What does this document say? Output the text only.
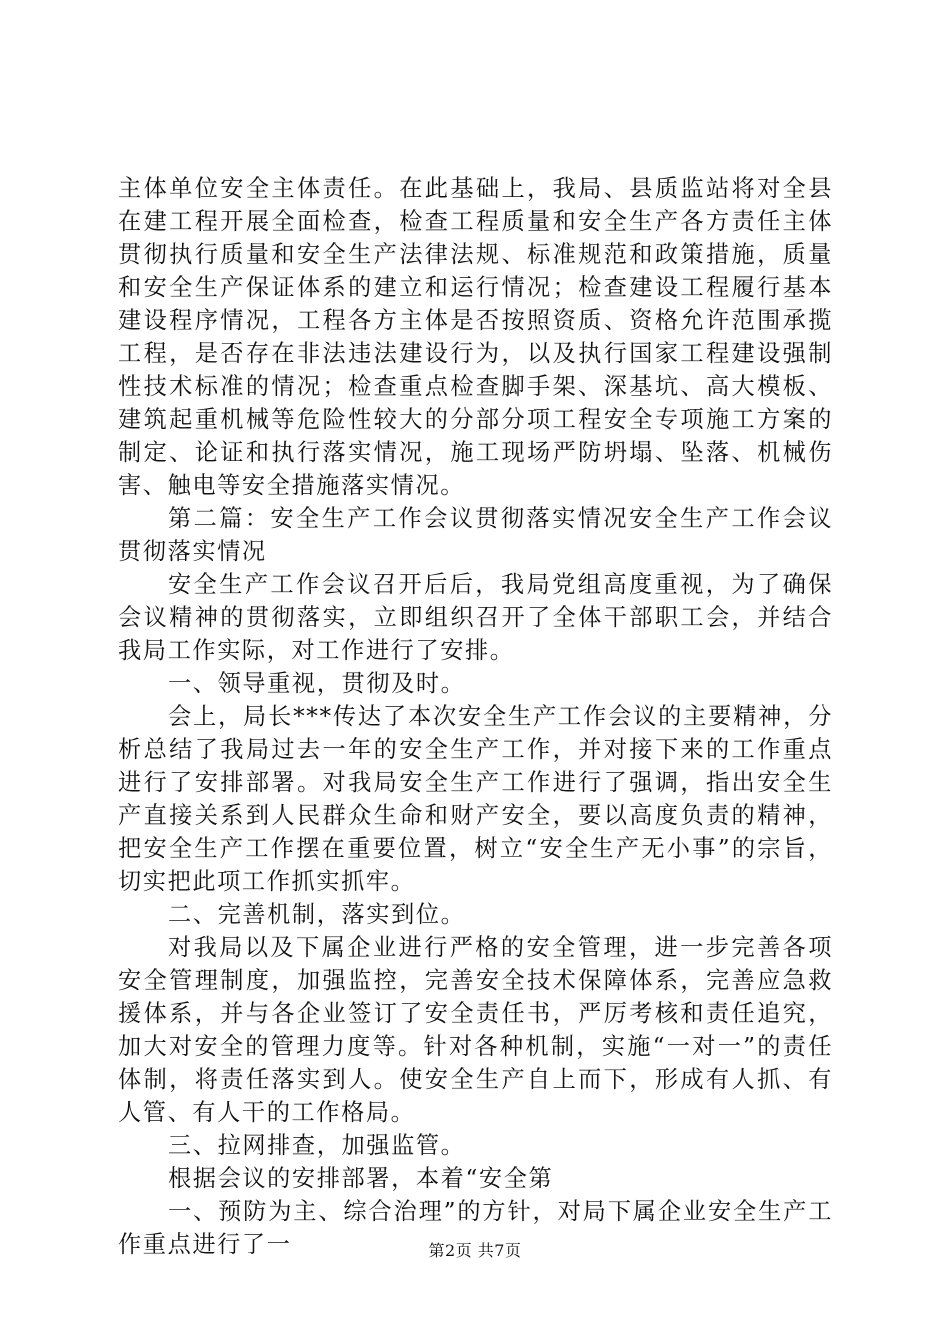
主体单位安全主体责任。在此基础上，我局、县质监站将对全县在建工程开展全面检查，检查工程质量和安全生产各方责任主体贯彻执行质量和安全生产法律法规、标准规范和政策措施，质量和安全生产保证体系的建立和运行情况；检查建设工程履行基本建设程序情况，工程各方主体是否按照资质、资格允许范围承揽工程，是否存在非法违法建设行为，以及执行国家工程建设强制性技术标准的情况；检查重点检查脚手架、深基坑、高大模板、建筑起重机械等危险性较大的分部分项工程安全专项施工方案的制定、论证和执行落实情况，施工现场严防坍塌、坠落、机械伤害、触电等安全措施落实情况。

第二篇：安全生产工作会议贯彻落实情况安全生产工作会议贯彻落实情况

安全生产工作会议召开后后，我局党组高度重视，为了确保会议精神的贯彻落实，立即组织召开了全体干部职工会，并结合我局工作实际，对工作进行了安排。

一、领导重视，贯彻及时。

会上，局长***传达了本次安全生产工作会议的主要精神，分析总结了我局过去一年的安全生产工作，并对接下来的工作重点进行了安排部署。对我局安全生产工作进行了强调，指出安全生产直接关系到人民群众生命和财产安全，要以高度负责的精神，把安全生产工作摆在重要位置，树立“安全生产无小事”的宗旨，切实把此项工作抓实抓牢。

二、完善机制，落实到位。

对我局以及下属企业进行严格的安全管理，进一步完善各项安全管理制度，加强监控，完善安全技术保障体系，完善应急救援体系，并与各企业签订了安全责任书，严厉考核和责任追究，加大对安全的管理力度等。针对各种机制，实施“一对一”的责任体制，将责任落实到人。使安全生产自上而下，形成有人抓、有人管、有人干的工作格局。

三、拉网排查，加强监管。

根据会议的安排部署，本着“安全第

一、预防为主、综合治理”的方针，对局下属企业安全生产工作重点进行了一	第2页 共7页
